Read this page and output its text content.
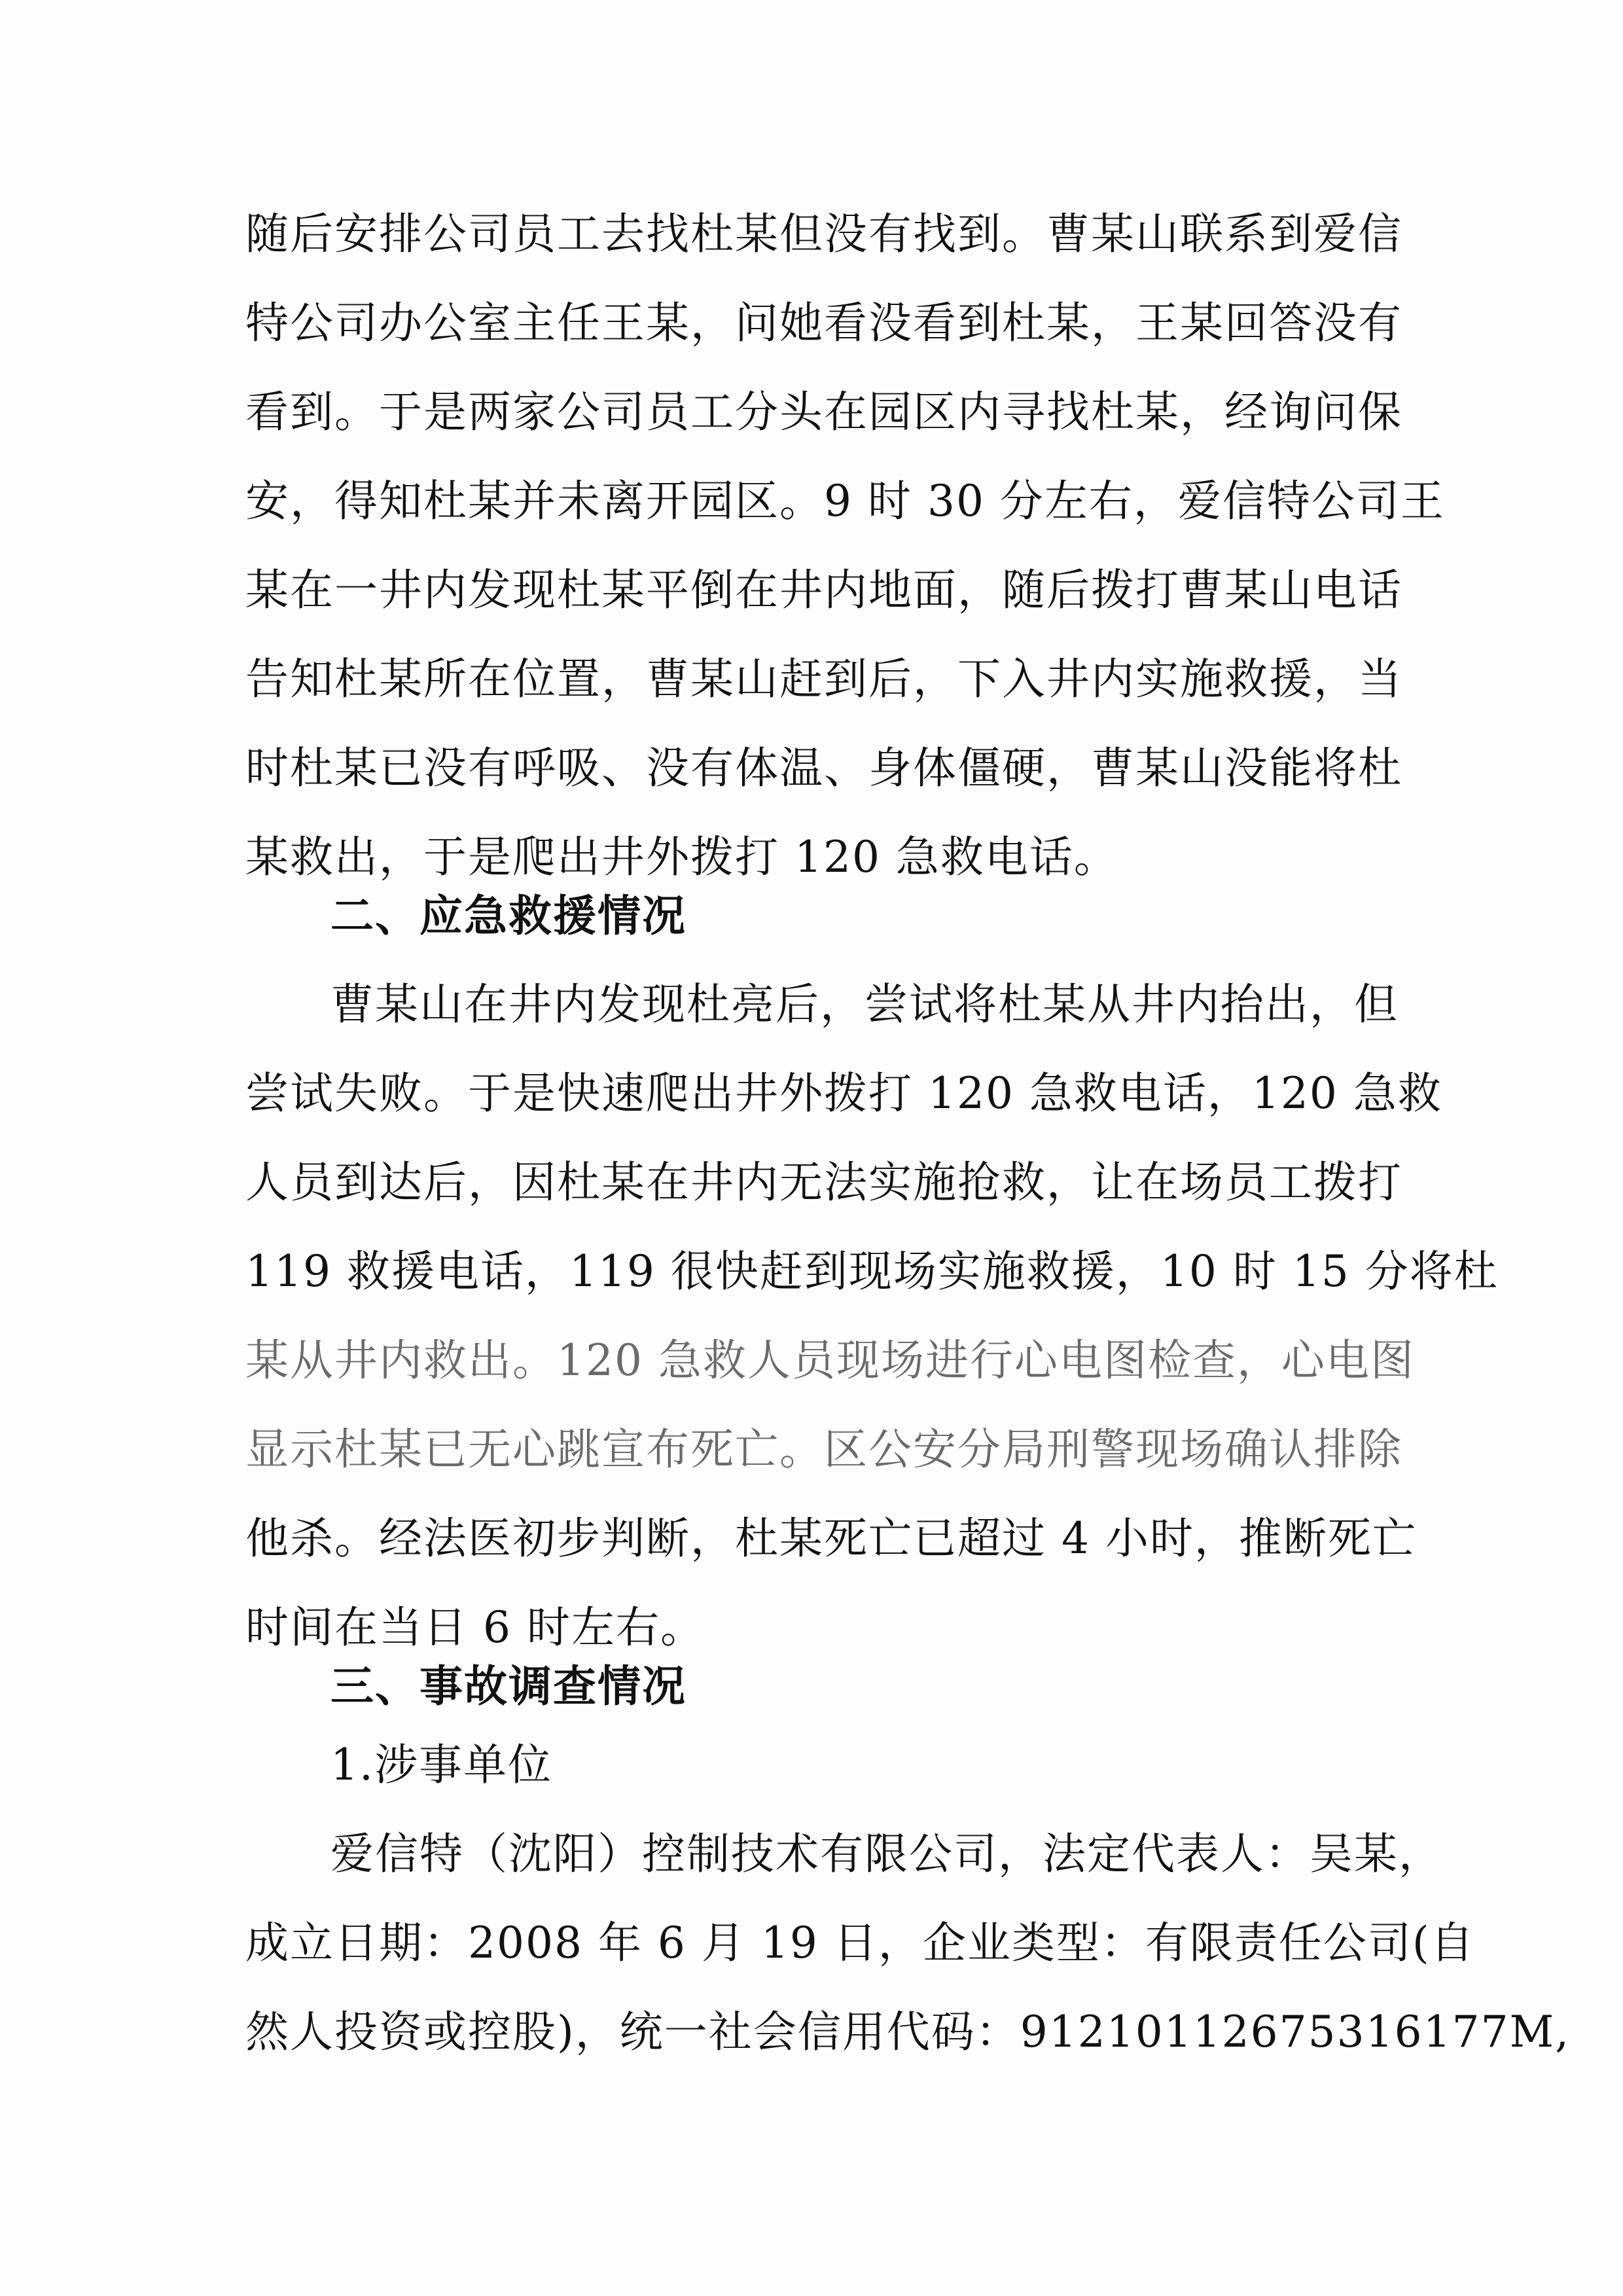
随后安排公司员工去找杜某但没有找到。曹某山联系到爱信
特公司办公室主任王某，问她看没看到杜某，王某回答没有
看到。于是两家公司员工分头在园区内寻找杜某，经询问保
安，得知杜某并未离开园区。9 时 30 分左右，爱信特公司王
某在一井内发现杜某平倒在井内地面，随后拨打曹某山电话
告知杜某所在位置，曹某山赶到后，下入井内实施救援，当
时杜某已没有呼吸、没有体温、身体僵硬，曹某山没能将杜
某救出，于是爬出井外拨打 120 急救电话。
二、应急救援情况
曹某山在井内发现杜亮后，尝试将杜某从井内抬出，但
尝试失败。于是快速爬出井外拨打 120 急救电话，120 急救
人员到达后，因杜某在井内无法实施抢救，让在场员工拨打
119 救援电话，119 很快赶到现场实施救援，10 时 15 分将杜
某从井内救出。120 急救人员现场进行心电图检查，心电图
显示杜某已无心跳宣布死亡。区公安分局刑警现场确认排除
他杀。经法医初步判断，杜某死亡已超过 4 小时，推断死亡
时间在当日 6 时左右。
三、事故调查情况
1.涉事单位
爱信特（沈阳）控制技术有限公司，法定代表人：吴某，
成立日期：2008 年 6 月 19 日，企业类型：有限责任公司(自
然人投资或控股)，统一社会信用代码：91210112675316177M,
